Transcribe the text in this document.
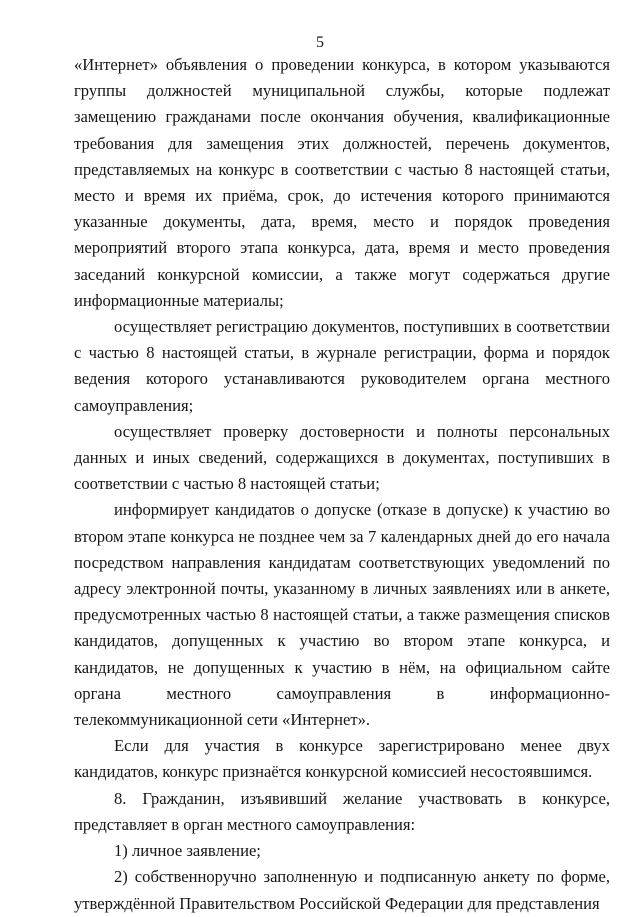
5

«Интернет» объявления о проведении конкурса, в котором указываются группы должностей муниципальной службы, которые подлежат замещению гражданами после окончания обучения, квалификационные требования для замещения этих должностей, перечень документов, представляемых на конкурс в соответствии с частью 8 настоящей статьи, место и время их приёма, срок, до истечения которого принимаются указанные документы, дата, время, место и порядок проведения мероприятий второго этапа конкурса, дата, время и место проведения заседаний конкурсной комиссии, а также могут содержаться другие информационные материалы;

осуществляет регистрацию документов, поступивших в соответствии с частью 8 настоящей статьи, в журнале регистрации, форма и порядок ведения которого устанавливаются руководителем органа местного самоуправления;

осуществляет проверку достоверности и полноты персональных данных и иных сведений, содержащихся в документах, поступивших в соответствии с частью 8 настоящей статьи;

информирует кандидатов о допуске (отказе в допуске) к участию во втором этапе конкурса не позднее чем за 7 календарных дней до его начала посредством направления кандидатам соответствующих уведомлений по адресу электронной почты, указанному в личных заявлениях или в анкете, предусмотренных частью 8 настоящей статьи, а также размещения списков кандидатов, допущенных к участию во втором этапе конкурса, и кандидатов, не допущенных к участию в нём, на официальном сайте органа местного самоуправления в информационно-телекоммуникационной сети «Интернет».

Если для участия в конкурсе зарегистрировано менее двух кандидатов, конкурс признаётся конкурсной комиссией несостоявшимся.

8. Гражданин, изъявивший желание участвовать в конкурсе, представляет в орган местного самоуправления:

1) личное заявление;

2) собственноручно заполненную и подписанную анкету по форме, утверждённой Правительством Российской Федерации для представления
